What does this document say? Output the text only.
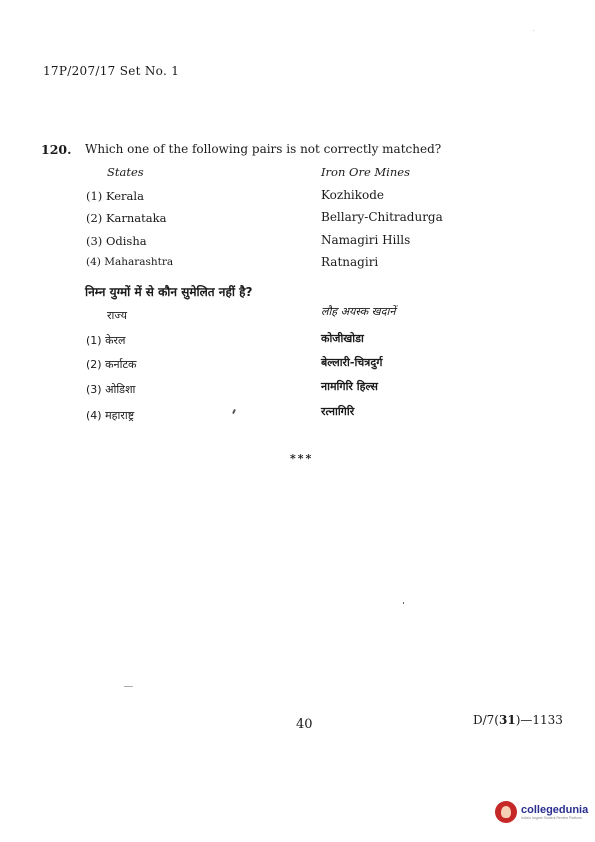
17P/207/17 Set No. 1
120. Which one of the following pairs is not correctly matched?
States	Iron Ore Mines
(1) Kerala	Kozhikode
(2) Karnataka	Bellary-Chitradurga
(3) Odisha	Namagiri Hills
(4) Maharashtra	Ratnagiri
निम्न युग्मों में से कौन सुमेलित नहीं है?
राज्य	लौह अयस्क खदानें
(1) केरल	कोजीखोडा
(2) कर्नाटक	बेल्लारी-चित्रदुर्ग
(3) ओडिशा	नामगिरि हिल्स
(4) महाराष्ट्र	रत्नागिरि
***
40	D/7(31)—1133
collegedunia
India's largest Student Review Platform
